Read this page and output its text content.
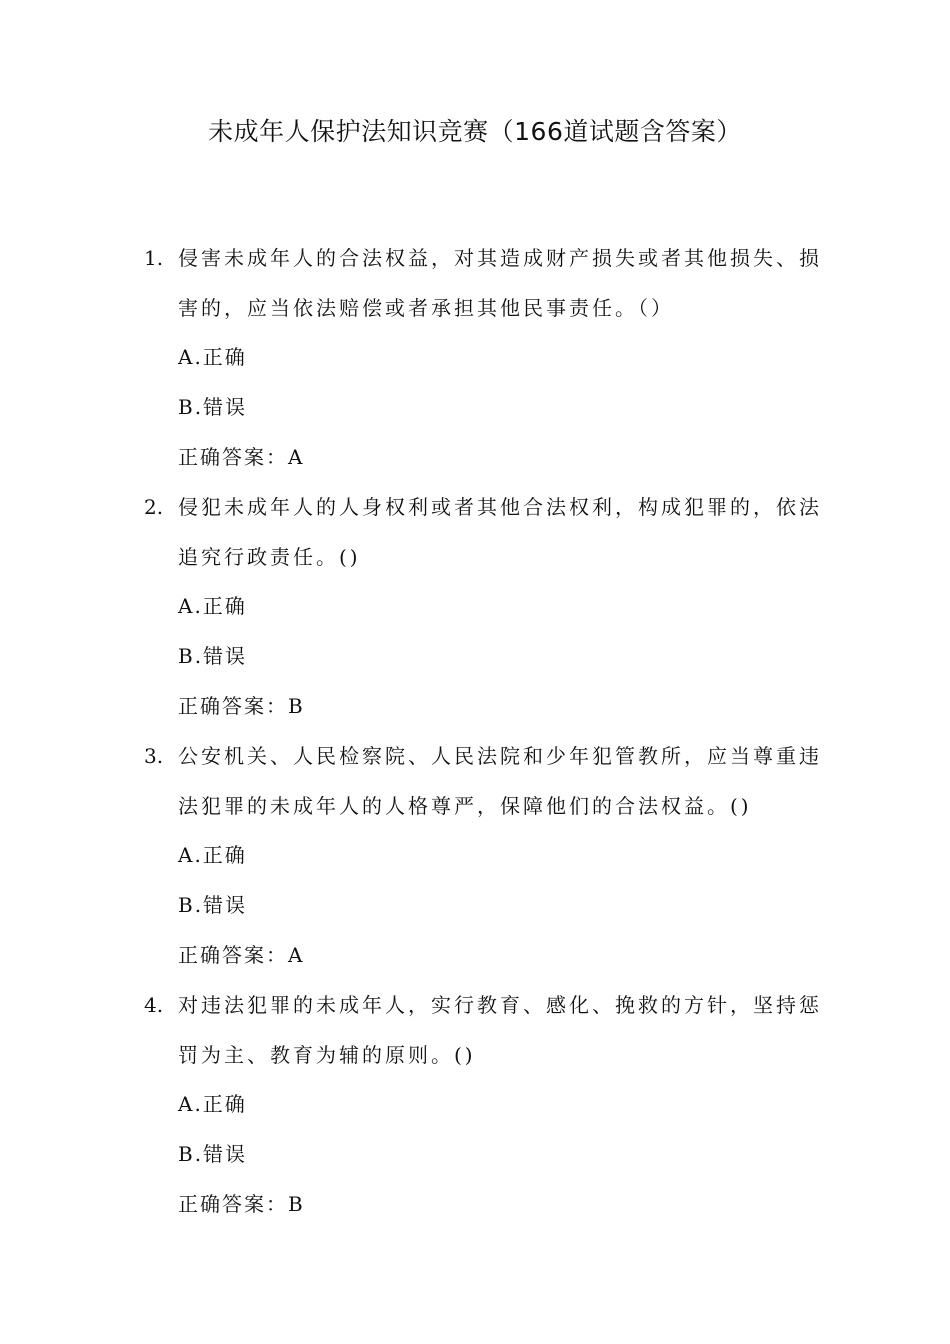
未成年人保护法知识竞赛（166道试题含答案）
1. 侵害未成年人的合法权益，对其造成财产损失或者其他损失、损
害的，应当依法赔偿或者承担其他民事责任。（）
A.正确
B.错误
正确答案：A
2. 侵犯未成年人的人身权利或者其他合法权利，构成犯罪的，依法
追究行政责任。()
A.正确
B.错误
正确答案：B
3. 公安机关、人民检察院、人民法院和少年犯管教所，应当尊重违
法犯罪的未成年人的人格尊严，保障他们的合法权益。()
A.正确
B.错误
正确答案：A
4. 对违法犯罪的未成年人，实行教育、感化、挽救的方针，坚持惩
罚为主、教育为辅的原则。()
A.正确
B.错误
正确答案：B
